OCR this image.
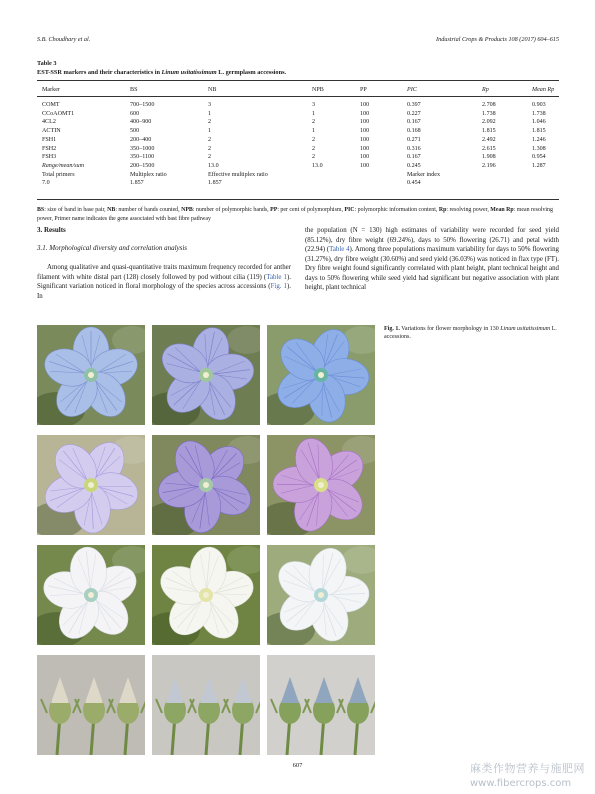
S.B. Choudhary et al.	Industrial Crops & Products 108 (2017) 604–615
Table 3
EST-SSR markers and their characteristics in Linum usitatissimum L. germplasm accessions.
Marker	BS	NB	NPB	PP	PIC	Rp	Mean Rp

COMT	700–1500	3	3	100	0.397	2.708	0.903
CCoAOMT1	600	1	1	100	0.227	1.738	1.738
4CL2	400–900	2	2	100	0.167	2.092	1.046
ACTIN	500	1	1	100	0.168	1.815	1.815
FSH1	200–400	2	2	100	0.271	2.492	1.246
FSH2	350–1000	2	2	100	0.316	2.615	1.308
FSH3	350–1100	2	2	100	0.167	1.908	0.954
Range/mean/sum	200–1500	13.0	13.0	100	0.245	2.196	1.287
Total primers	Multiplex ratio	Effective multiplex ratio			Marker index		
7.0	1.857	1.857			0.454		
BS: size of band in base pair, NB: number of bands counted, NPB: number of polymorphic bands, PP: per cent of polymorphism, PIC: polymorphic information content, Rp: resolving power, Mean Rp: mean resolving power, Primer name indicates the gene associated with bast fibre pathway
3. Results
3.1. Morphological diversity and correlation analysis

Among qualitative and quasi-quantitative traits maximum frequency recorded for anther filament with white distal part (128) closely followed by pod without cilia (119) (Table 1). Significant variation noticed in floral morphology of the species across accessions (Fig. 1). In

the population (N = 130) high estimates of variability were recorded for seed yield (85.12%), dry fibre weight (69.24%), days to 50% flowering (26.71) and petal width (22.94) (Table 4). Among three populations maximum variability for days to 50% flowering (31.27%), dry fibre weight (30.60%) and seed yield (36.03%) was noticed in flax type (FT). Dry fibre weight found significantly correlated with plant height, plant technical height and days to 50% flowering while seed yield had significant but negative association with plant height, plant technical

Fig. 1. Variations for flower morphology in 130 Linum usitatissimum L. accessions.
607	麻类作物营养与施肥网
www.fibercrops.com
